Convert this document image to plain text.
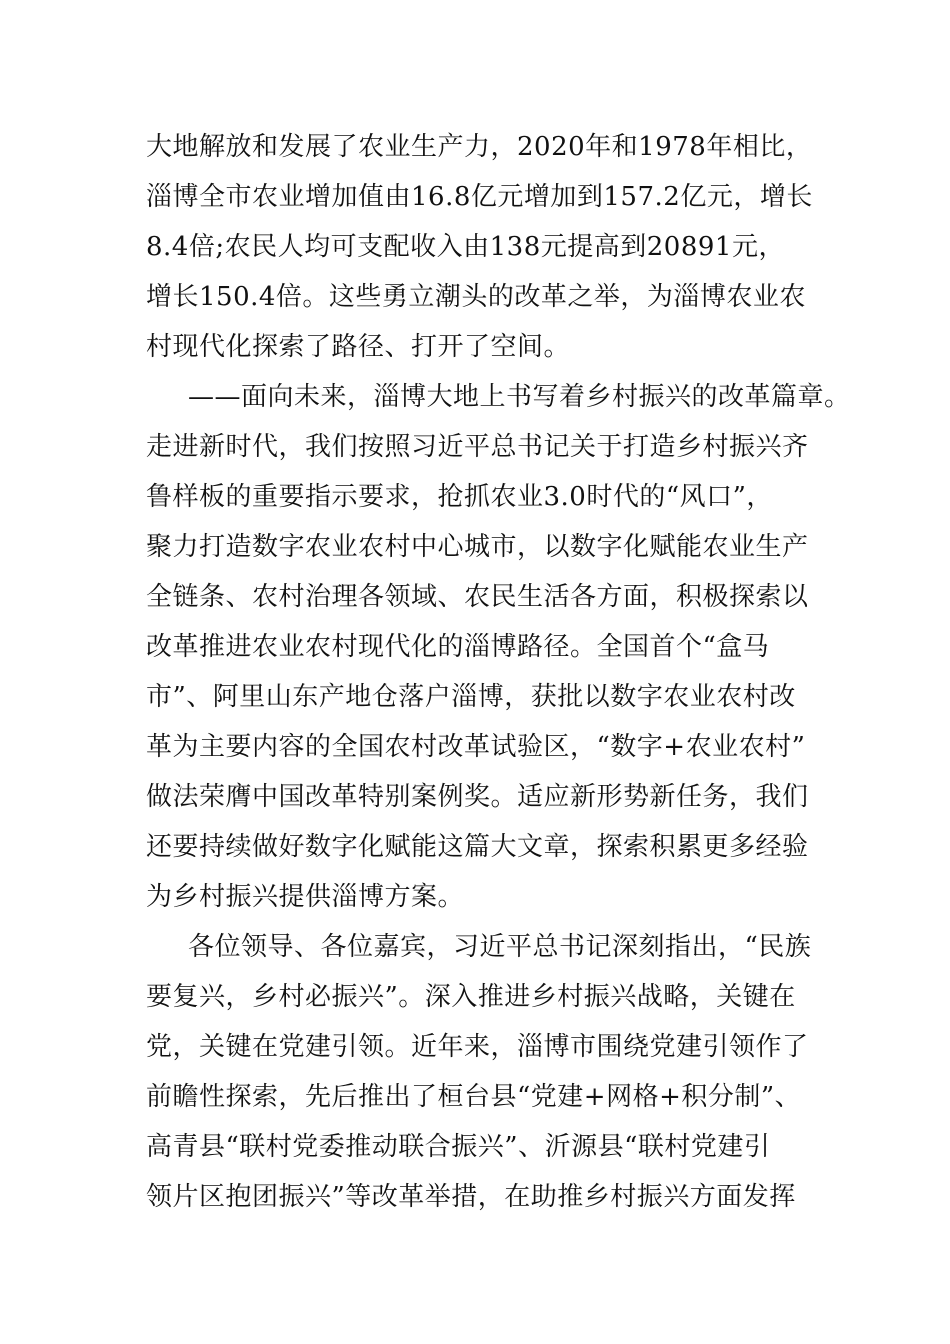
大地解放和发展了农业生产力，2020年和1978年相比，
淄博全市农业增加值由16.8亿元增加到157.2亿元，增长
8.4倍;农民人均可支配收入由138元提高到20891元，
增长150.4倍。这些勇立潮头的改革之举，为淄博农业农
村现代化探索了路径、打开了空间。
——面向未来，淄博大地上书写着乡村振兴的改革篇章。
走进新时代，我们按照习近平总书记关于打造乡村振兴齐
鲁样板的重要指示要求，抢抓农业3.0时代的“风口”，
聚力打造数字农业农村中心城市，以数字化赋能农业生产
全链条、农村治理各领域、农民生活各方面，积极探索以
改革推进农业农村现代化的淄博路径。全国首个“盒马
市”、阿里山东产地仓落户淄博，获批以数字农业农村改
革为主要内容的全国农村改革试验区，“数字+农业农村”
做法荣膺中国改革特别案例奖。适应新形势新任务，我们
还要持续做好数字化赋能这篇大文章，探索积累更多经验
为乡村振兴提供淄博方案。
各位领导、各位嘉宾，习近平总书记深刻指出，“民族
要复兴，乡村必振兴”。深入推进乡村振兴战略，关键在
党，关键在党建引领。近年来，淄博市围绕党建引领作了
前瞻性探索，先后推出了桓台县“党建+网格+积分制”、
高青县“联村党委推动联合振兴”、沂源县“联村党建引
领片区抱团振兴”等改革举措，在助推乡村振兴方面发挥
